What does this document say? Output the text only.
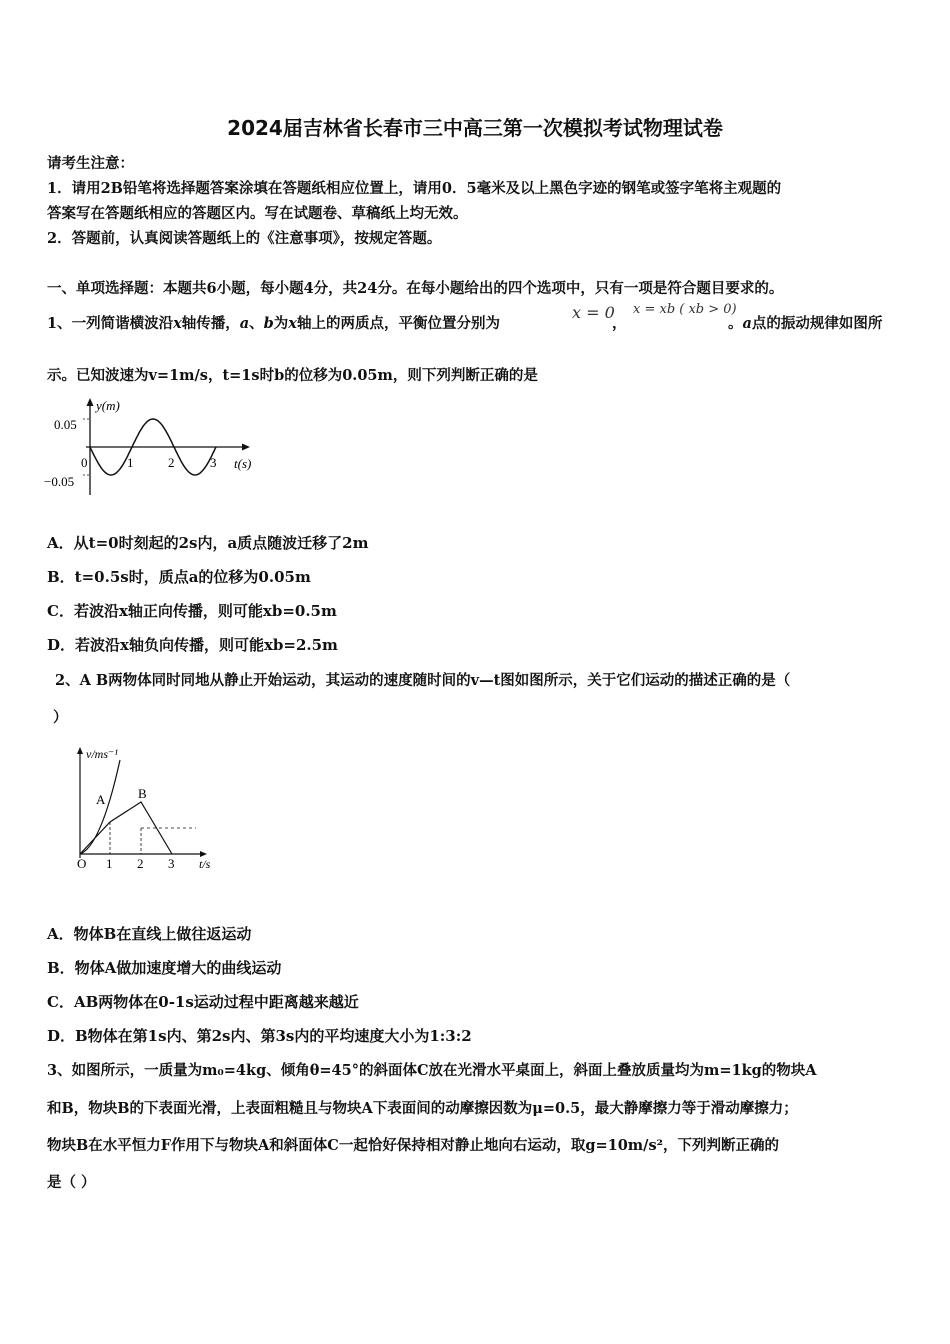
2024届吉林省长春市三中高三第一次模拟考试物理试卷
请考生注意：
1．请用2B铅笔将选择题答案涂填在答题纸相应位置上，请用0．5毫米及以上黑色字迹的钢笔或签字笔将主观题的
答案写在答题纸相应的答题区内。写在试题卷、草稿纸上均无效。
2．答题前，认真阅读答题纸上的《注意事项》，按规定答题。
一、单项选择题：本题共6小题，每小题4分，共24分。在每小题给出的四个选项中，只有一项是符合题目要求的。
1、一列简谐横波沿x轴传播，a、b为x轴上的两质点，平衡位置分别为
x = 0
，
x = xb ( xb > 0)
。a点的振动规律如图所
示。已知波速为v=1m/s，t=1s时b的位移为0.05m，则下列判断正确的是
y(m)
0.05
−0.05
t(s)
0	1	2	3
A．从t=0时刻起的2s内，a质点随波迁移了2m
B．t=0.5s时，质点a的位移为0.05m
C．若波沿x轴正向传播，则可能xb=0.5m
D．若波沿x轴负向传播，则可能xb=2.5m
2、A B两物体同时同地从静止开始运动，其运动的速度随时间的v—t图如图所示，关于它们运动的描述正确的是（
）
v/ms⁻¹
A	B
O 1 2 3 t/s
A．物体B在直线上做往返运动
B．物体A做加速度增大的曲线运动
C．AB两物体在0-1s运动过程中距离越来越近
D．B物体在第1s内、第2s内、第3s内的平均速度大小为1:3:2
3、如图所示，一质量为m₀=4kg、倾角θ=45°的斜面体C放在光滑水平桌面上，斜面上叠放质量均为m=1kg的物块A
和B，物块B的下表面光滑，上表面粗糙且与物块A下表面间的动摩擦因数为μ=0.5，最大静摩擦力等于滑动摩擦力；
物块B在水平恒力F作用下与物块A和斜面体C一起恰好保持相对静止地向右运动，取g=10m/s²，下列判断正确的
是（ ）
